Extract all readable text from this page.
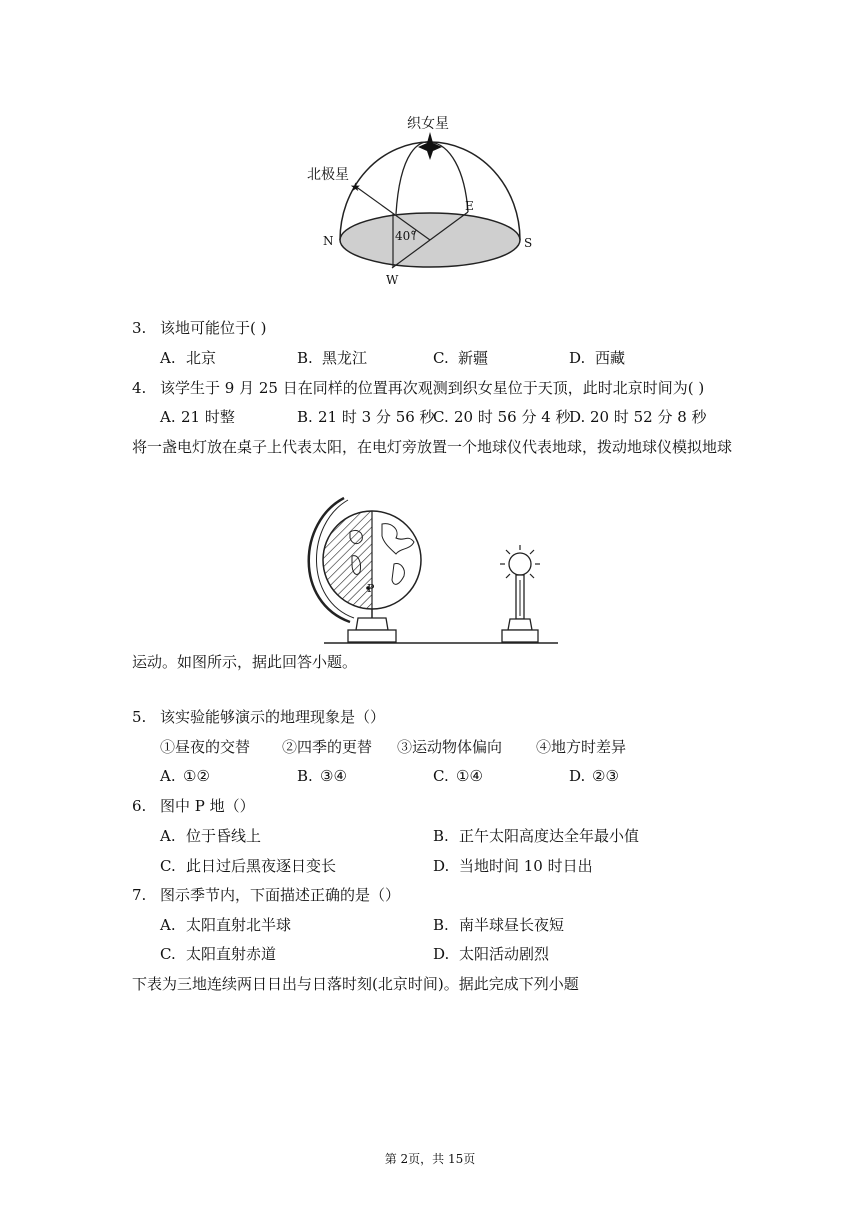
★
织女星
北极星
E
N	S
W
40°
3. 该地可能位于( )
A. 北京	B. 黑龙江	C. 新疆	D. 西藏
4. 该学生于 9 月 25 日在同样的位置再次观测到织女星位于天顶，此时北京时间为( )
A. 21 时整	B. 21 时 3 分 56 秒
C. 20 时 56 分 4 秒
D. 20 时 52 分 8 秒
将一盏电灯放在桌子上代表太阳，在电灯旁放置一个地球仪代表地球，拨动地球仪模拟地球
P
运动。如图所示，据此回答小题。
5. 该实验能够演示的地理现象是（）
①昼夜的交替 ②四季的更替 ③运动物体偏向 ④地方时差异
A. ①②	B. ③④	C. ①④	D. ②③
6. 图中 P 地（）
A. 位于昏线上	B. 正午太阳高度达全年最小值
C. 此日过后黑夜逐日变长	D. 当地时间 10 时日出
7. 图示季节内，下面描述正确的是（）
A. 太阳直射北半球	B. 南半球昼长夜短
C. 太阳直射赤道	D. 太阳活动剧烈
下表为三地连续两日日出与日落时刻(北京时间)。据此完成下列小题
第 2页，共 15页
